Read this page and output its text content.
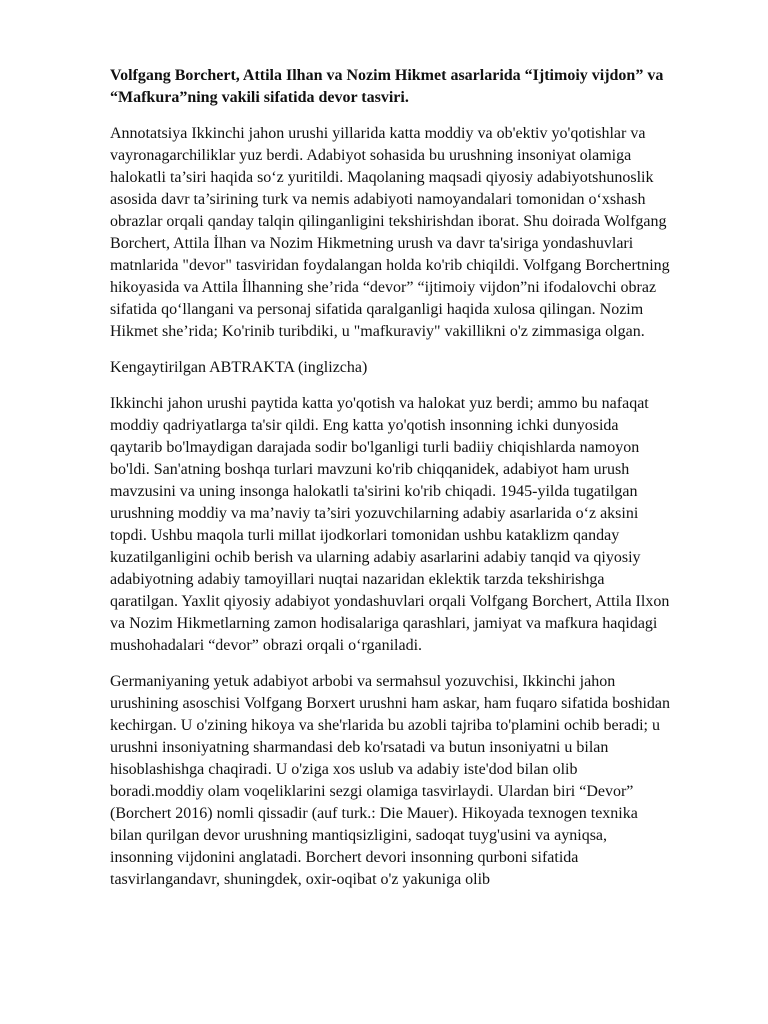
Volfgang Borchert, Attila Ilhan va Nozim Hikmet asarlarida “Ijtimoiy vijdon” va “Mafkura”ning vakili sifatida devor tasviri.

Annotatsiya Ikkinchi jahon urushi yillarida katta moddiy va ob'ektiv yo'qotishlar va vayronagarchiliklar yuz berdi. Adabiyot sohasida bu urushning insoniyat olamiga halokatli ta’siri haqida so‘z yuritildi. Maqolaning maqsadi qiyosiy adabiyotshunoslik asosida davr ta’sirining turk va nemis adabiyoti namoyandalari tomonidan o‘xshash obrazlar orqali qanday talqin qilinganligini tekshirishdan iborat. Shu doirada Wolfgang Borchert, Attila İlhan va Nozim Hikmetning urush va davr ta'siriga yondashuvlari matnlarida "devor" tasviridan foydalangan holda ko'rib chiqildi. Volfgang Borchertning hikoyasida va Attila İlhanning she’rida “devor” “ijtimoiy vijdon”ni ifodalovchi obraz sifatida qo‘llangani va personaj sifatida qaralganligi haqida xulosa qilingan. Nozim Hikmet she’rida; Ko'rinib turibdiki, u "mafkuraviy" vakillikni o'z zimmasiga olgan.

Kengaytirilgan ABTRAKTA (inglizcha)

Ikkinchi jahon urushi paytida katta yo'qotish va halokat yuz berdi; ammo bu nafaqat moddiy qadriyatlarga ta'sir qildi. Eng katta yo'qotish insonning ichki dunyosida qaytarib bo'lmaydigan darajada sodir bo'lganligi turli badiiy chiqishlarda namoyon bo'ldi. San'atning boshqa turlari mavzuni ko'rib chiqqanidek, adabiyot ham urush mavzusini va uning insonga halokatli ta'sirini ko'rib chiqadi. 1945-yilda tugatilgan urushning moddiy va ma’naviy ta’siri yozuvchilarning adabiy asarlarida o‘z aksini topdi. Ushbu maqola turli millat ijodkorlari tomonidan ushbu kataklizm qanday kuzatilganligini ochib berish va ularning adabiy asarlarini adabiy tanqid va qiyosiy adabiyotning adabiy tamoyillari nuqtai nazaridan eklektik tarzda tekshirishga qaratilgan. Yaxlit qiyosiy adabiyot yondashuvlari orqali Volfgang Borchert, Attila Ilxon va Nozim Hikmetlarning zamon hodisalariga qarashlari, jamiyat va mafkura haqidagi mushohadalari “devor” obrazi orqali o‘rganiladi.

Germaniyaning yetuk adabiyot arbobi va sermahsul yozuvchisi, Ikkinchi jahon urushining asoschisi Volfgang Borxert urushni ham askar, ham fuqaro sifatida boshidan kechirgan. U o'zining hikoya va she'rlarida bu azobli tajriba to'plamini ochib beradi; u urushni insoniyatning sharmandasi deb ko'rsatadi va butun insoniyatni u bilan hisoblashishga chaqiradi. U o'ziga xos uslub va adabiy iste'dod bilan olib boradi.moddiy olam voqeliklarini sezgi olamiga tasvirlaydi. Ulardan biri “Devor” (Borchert 2016) nomli qissadir (auf turk.: Die Mauer). Hikoyada texnogen texnika bilan qurilgan devor urushning mantiqsizligini, sadoqat tuyg'usini va ayniqsa, insonning vijdonini anglatadi. Borchert devori insonning qurboni sifatida tasvirlangandavr, shuningdek, oxir-oqibat o'z yakuniga olib
